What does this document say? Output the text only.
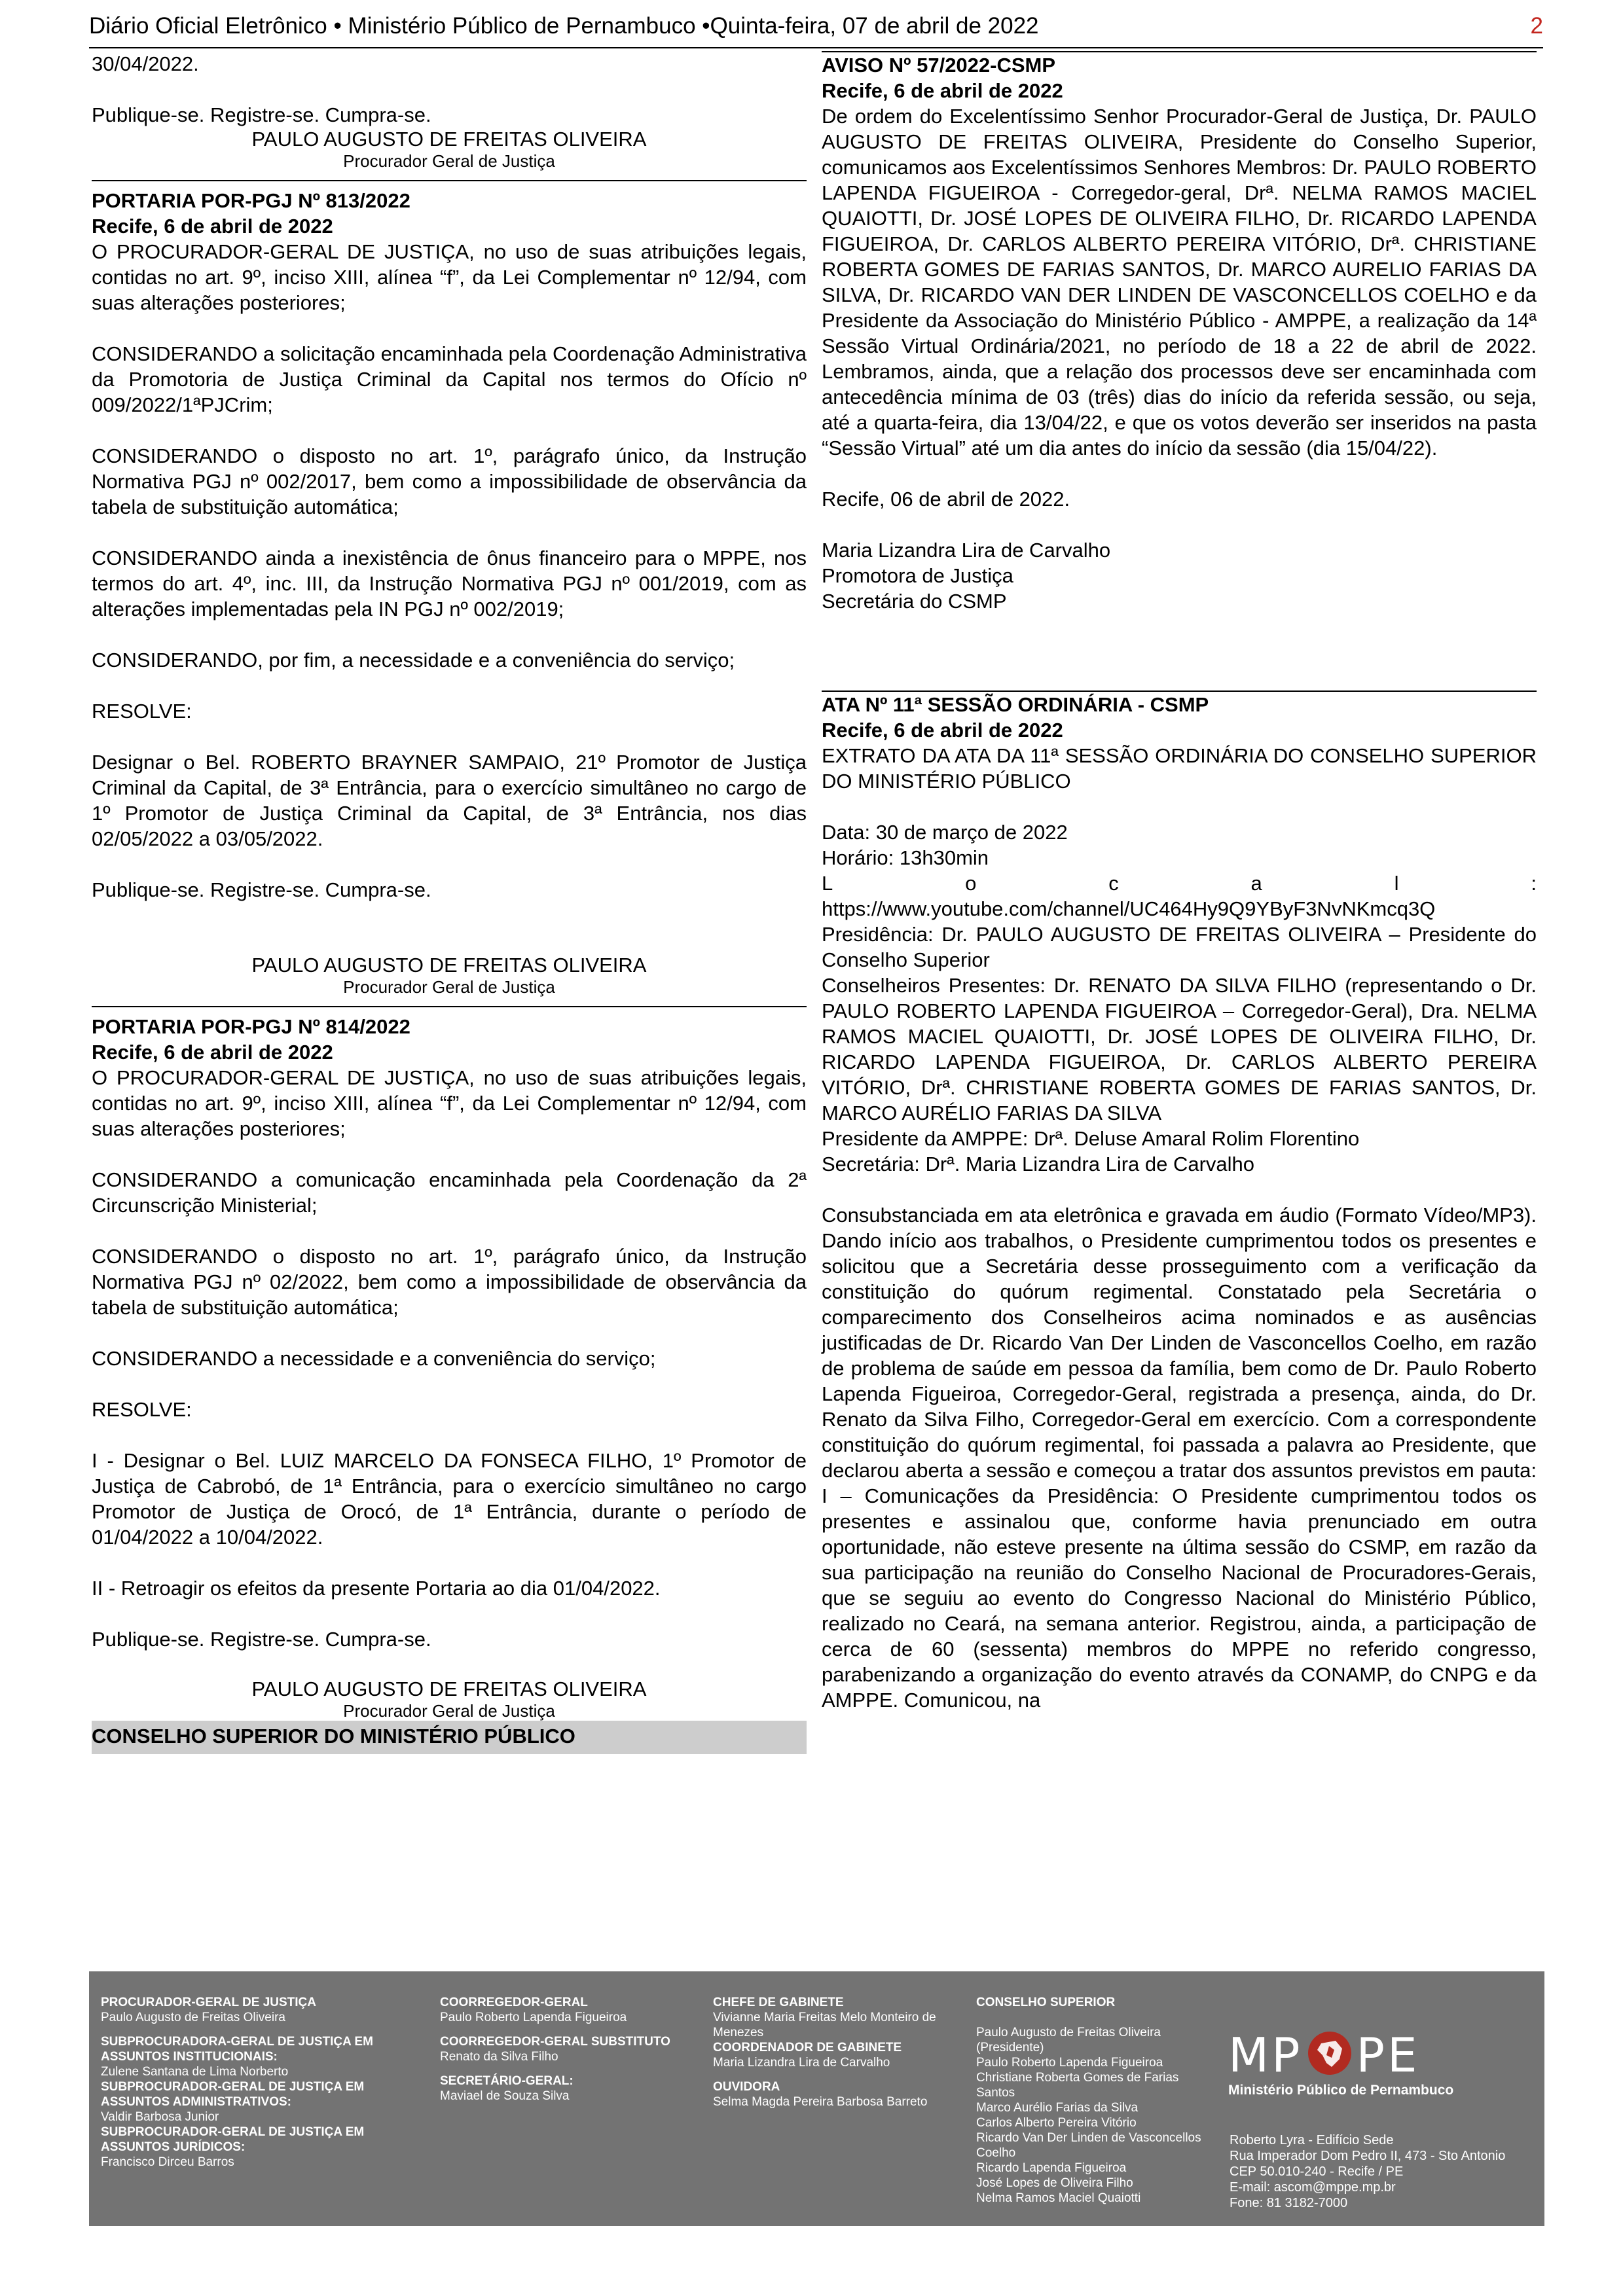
Diário Oficial Eletrônico • Ministério Público de Pernambuco •Quinta-feira, 07 de abril de 2022	2

30/04/2022.

Publique-se. Registre-se. Cumpra-se.

PAULO AUGUSTO DE FREITAS OLIVEIRA

Procurador Geral de Justiça

PORTARIA POR-PGJ Nº 813/2022

Recife, 6 de abril de 2022

O PROCURADOR-GERAL DE JUSTIÇA, no uso de suas atribuições legais, contidas no art. 9º, inciso XIII, alínea “f”, da Lei Complementar nº 12/94, com suas alterações posteriores;

CONSIDERANDO a solicitação encaminhada pela Coordenação Administrativa da Promotoria de Justiça Criminal da Capital nos termos do Ofício nº 009/2022/1ªPJCrim;

CONSIDERANDO o disposto no art. 1º, parágrafo único, da Instrução Normativa PGJ nº 002/2017, bem como a impossibilidade de observância da tabela de substituição automática;

CONSIDERANDO ainda a inexistência de ônus financeiro para o MPPE, nos termos do art. 4º, inc. III, da Instrução Normativa PGJ nº 001/2019, com as alterações implementadas pela IN PGJ nº 002/2019;

CONSIDERANDO, por fim, a necessidade e a conveniência do serviço;

RESOLVE:

Designar o Bel. ROBERTO BRAYNER SAMPAIO, 21º Promotor de Justiça Criminal da Capital, de 3ª Entrância, para o exercício simultâneo no cargo de 1º Promotor de Justiça Criminal da Capital, de 3ª Entrância, nos dias 02/05/2022 a 03/05/2022.

Publique-se. Registre-se. Cumpra-se.

PAULO AUGUSTO DE FREITAS OLIVEIRA

Procurador Geral de Justiça

PORTARIA POR-PGJ Nº 814/2022

Recife, 6 de abril de 2022

O PROCURADOR-GERAL DE JUSTIÇA, no uso de suas atribuições legais, contidas no art. 9º, inciso XIII, alínea “f”, da Lei Complementar nº 12/94, com suas alterações posteriores;

CONSIDERANDO a comunicação encaminhada pela Coordenação da 2ª Circunscrição Ministerial;

CONSIDERANDO o disposto no art. 1º, parágrafo único, da Instrução Normativa PGJ nº 02/2022, bem como a impossibilidade de observância da tabela de substituição automática;

CONSIDERANDO a necessidade e a conveniência do serviço;

RESOLVE:

I - Designar o Bel. LUIZ MARCELO DA FONSECA FILHO, 1º Promotor de Justiça de Cabrobó, de 1ª Entrância, para o exercício simultâneo no cargo Promotor de Justiça de Orocó, de 1ª Entrância, durante o período de 01/04/2022 a 10/04/2022.

II - Retroagir os efeitos da presente Portaria ao dia 01/04/2022.

Publique-se. Registre-se. Cumpra-se.

PAULO AUGUSTO DE FREITAS OLIVEIRA

Procurador Geral de Justiça

CONSELHO SUPERIOR DO MINISTÉRIO PÚBLICO

AVISO Nº 57/2022-CSMP

Recife, 6 de abril de 2022

De ordem do Excelentíssimo Senhor Procurador-Geral de Justiça, Dr. PAULO AUGUSTO DE FREITAS OLIVEIRA, Presidente do Conselho Superior, comunicamos aos Excelentíssimos Senhores Membros: Dr. PAULO ROBERTO LAPENDA FIGUEIROA - Corregedor-geral, Drª. NELMA RAMOS MACIEL QUAIOTTI, Dr. JOSÉ LOPES DE OLIVEIRA FILHO, Dr. RICARDO LAPENDA FIGUEIROA, Dr. CARLOS ALBERTO PEREIRA VITÓRIO, Drª. CHRISTIANE ROBERTA GOMES DE FARIAS SANTOS, Dr. MARCO AURELIO FARIAS DA SILVA, Dr. RICARDO VAN DER LINDEN DE VASCONCELLOS COELHO e da Presidente da Associação do Ministério Público - AMPPE, a realização da 14ª Sessão Virtual Ordinária/2021, no período de 18 a 22 de abril de 2022. Lembramos, ainda, que a relação dos processos deve ser encaminhada com antecedência mínima de 03 (três) dias do início da referida sessão, ou seja, até a quarta-feira, dia 13/04/22, e que os votos deverão ser inseridos na pasta “Sessão Virtual” até um dia antes do início da sessão (dia 15/04/22).

Recife, 06 de abril de 2022.

Maria Lizandra Lira de Carvalho

Promotora de Justiça

Secretária do CSMP

ATA Nº 11ª SESSÃO ORDINÁRIA - CSMP

Recife, 6 de abril de 2022

EXTRATO DA ATA DA 11ª SESSÃO ORDINÁRIA DO CONSELHO SUPERIOR DO MINISTÉRIO PÚBLICO

Data: 30 de março de 2022

Horário: 13h30min

L	o	c	a	l	:

https://www.youtube.com/channel/UC464Hy9Q9YByF3NvNKmcq3Q

Presidência: Dr. PAULO AUGUSTO DE FREITAS OLIVEIRA – Presidente do Conselho Superior

Conselheiros Presentes: Dr. RENATO DA SILVA FILHO (representando o Dr. PAULO ROBERTO LAPENDA FIGUEIROA – Corregedor-Geral), Dra. NELMA RAMOS MACIEL QUAIOTTI, Dr. JOSÉ LOPES DE OLIVEIRA FILHO, Dr. RICARDO LAPENDA FIGUEIROA, Dr. CARLOS ALBERTO PEREIRA VITÓRIO, Drª. CHRISTIANE ROBERTA GOMES DE FARIAS SANTOS, Dr. MARCO AURÉLIO FARIAS DA SILVA

Presidente da AMPPE: Drª. Deluse Amaral Rolim Florentino

Secretária: Drª. Maria Lizandra Lira de Carvalho

Consubstanciada em ata eletrônica e gravada em áudio (Formato Vídeo/MP3). Dando início aos trabalhos, o Presidente cumprimentou todos os presentes e solicitou que a Secretária desse prosseguimento com a verificação da constituição do quórum regimental. Constatado pela Secretária o comparecimento dos Conselheiros acima nominados e as ausências justificadas de Dr. Ricardo Van Der Linden de Vasconcellos Coelho, em razão de problema de saúde em pessoa da família, bem como de Dr. Paulo Roberto Lapenda Figueiroa, Corregedor-Geral, registrada a presença, ainda, do Dr. Renato da Silva Filho, Corregedor-Geral em exercício. Com a correspondente constituição do quórum regimental, foi passada a palavra ao Presidente, que declarou aberta a sessão e começou a tratar dos assuntos previstos em pauta: I – Comunicações da Presidência: O Presidente cumprimentou todos os presentes e assinalou que, conforme havia prenunciado em outra oportunidade, não esteve presente na última sessão do CSMP, em razão da sua participação na reunião do Conselho Nacional de Procuradores-Gerais, que se seguiu ao evento do Congresso Nacional do Ministério Público, realizado no Ceará, na semana anterior. Registrou, ainda, a participação de cerca de 60 (sessenta) membros do MPPE no referido congresso, parabenizando a organização do evento através da CONAMP, do CNPG e da AMPPE. Comunicou, na

PROCURADOR-GERAL DE JUSTIÇA
Paulo Augusto de Freitas Oliveira
SUBPROCURADORA-GERAL DE JUSTIÇA EM ASSUNTOS INSTITUCIONAIS:
Zulene Santana de Lima Norberto
SUBPROCURADOR-GERAL DE JUSTIÇA EM ASSUNTOS ADMINISTRATIVOS:
Valdir Barbosa Junior
SUBPROCURADOR-GERAL DE JUSTIÇA EM ASSUNTOS JURÍDICOS:
Francisco Dirceu Barros
COORREGEDOR-GERAL
Paulo Roberto Lapenda Figueiroa
COORREGEDOR-GERAL SUBSTITUTO
Renato da Silva Filho
SECRETÁRIO-GERAL:
Maviael de Souza Silva
CHEFE DE GABINETE
Vivianne Maria Freitas Melo Monteiro de Menezes
COORDENADOR DE GABINETE
Maria Lizandra Lira de Carvalho
OUVIDORA
Selma Magda Pereira Barbosa Barreto
CONSELHO SUPERIOR
Paulo Augusto de Freitas Oliveira (Presidente)
Paulo Roberto Lapenda Figueiroa
Christiane Roberta Gomes de Farias Santos
Marco Aurélio Farias da Silva
Carlos Alberto Pereira Vitório
Ricardo Van Der Linden de Vasconcellos Coelho
Ricardo Lapenda Figueiroa
José Lopes de Oliveira Filho
Nelma Ramos Maciel Quaiotti
MP PE
Ministério Público de Pernambuco
Roberto Lyra - Edifício Sede
Rua Imperador Dom Pedro II, 473 - Sto Antonio
CEP 50.010-240 - Recife / PE
E-mail: ascom@mppe.mp.br
Fone: 81 3182-7000
